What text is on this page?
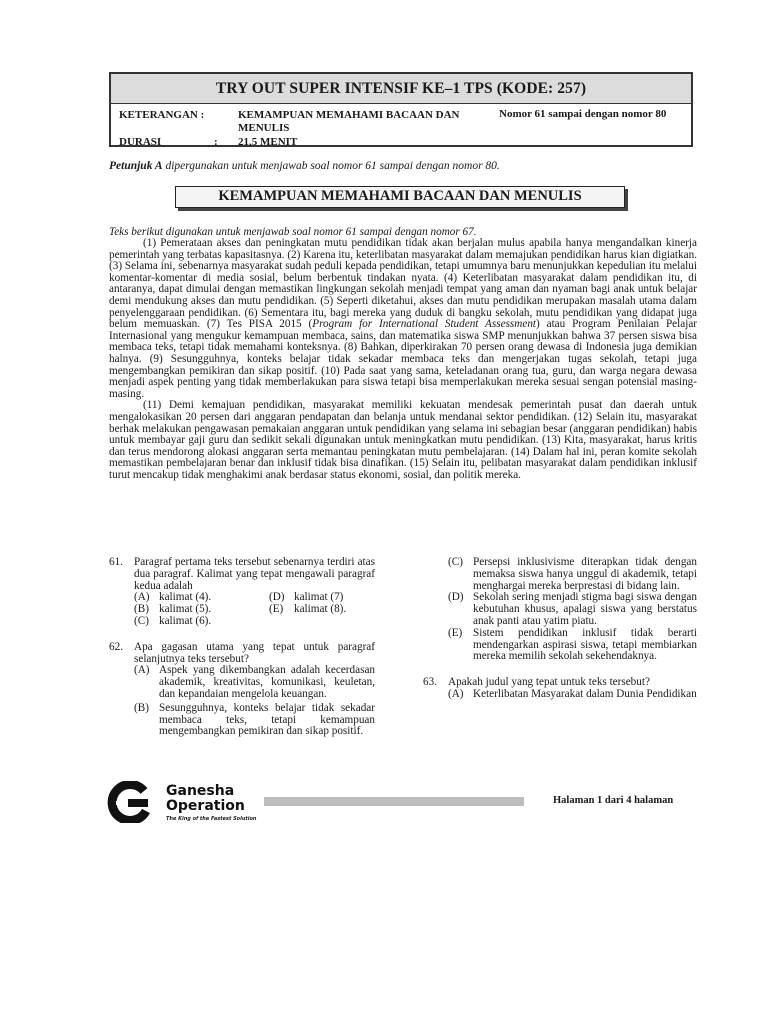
TRY OUT SUPER INTENSIF KE–1 TPS (KODE: 257)
KETERANGAN :	KEMAMPUAN MEMAHAMI BACAAN DAN MENULIS
DURASI	:	21,5 MENIT
Nomor 61 sampai dengan nomor 80
Petunjuk A dipergunakan untuk menjawab soal nomor 61 sampai dengan nomor 80.
KEMAMPUAN MEMAHAMI BACAAN DAN MENULIS
Teks berikut digunakan untuk menjawab soal nomor 61 sampai dengan nomor 67.

(1) Pemerataan akses dan peningkatan mutu pendidikan tidak akan berjalan mulus apabila hanya mengandalkan kinerja pemerintah yang terbatas kapasitasnya. (2) Karena itu, keterlibatan masyarakat dalam memajukan pendidikan harus kian digiatkan. (3) Selama ini, sebenarnya masyarakat sudah peduli kepada pendidikan, tetapi umumnya baru menunjukkan kepedulian itu melalui komentar-komentar di media sosial, belum berbentuk tindakan nyata. (4) Keterlibatan masyarakat dalam pendidikan itu, di antaranya, dapat dimulai dengan memastikan lingkungan sekolah menjadi tempat yang aman dan nyaman bagi anak untuk belajar demi mendukung akses dan mutu pendidikan. (5) Seperti diketahui, akses dan mutu pendidikan merupakan masalah utama dalam penyelenggaraan pendidikan. (6) Sementara itu, bagi mereka yang duduk di bangku sekolah, mutu pendidikan yang didapat juga belum memuaskan. (7) Tes PISA 2015 (Program for International Student Assessment) atau Program Penilaian Pelajar Internasional yang mengukur kemampuan membaca, sains, dan matematika siswa SMP menunjukkan bahwa 37 persen siswa bisa membaca teks, tetapi tidak memahami konteksnya. (8) Bahkan, diperkirakan 70 persen orang dewasa di Indonesia juga demikian halnya. (9) Sesungguhnya, konteks belajar tidak sekadar membaca teks dan mengerjakan tugas sekolah, tetapi juga mengembangkan pemikiran dan sikap positif. (10) Pada saat yang sama, keteladanan orang tua, guru, dan warga negara dewasa menjadi aspek penting yang tidak memberlakukan para siswa tetapi bisa memperlakukan mereka sesuai sengan potensial masing-masing.

(11) Demi kemajuan pendidikan, masyarakat memiliki kekuatan mendesak pemerintah pusat dan daerah untuk mengalokasikan 20 persen dari anggaran pendapatan dan belanja untuk mendanai sektor pendidikan. (12) Selain itu, masyarakat berhak melakukan pengawasan pemakaian anggaran untuk pendidikan yang selama ini sebagian besar (anggaran pendidikan) habis untuk membayar gaji guru dan sedikit sekali digunakan untuk meningkatkan mutu pendidikan. (13) Kita, masyarakat, harus kritis dan terus mendorong alokasi anggaran serta memantau peningkatan mutu pembelajaran. (14) Dalam hal ini, peran komite sekolah memastikan pembelajaran benar dan inklusif tidak bisa dinafikan. (15) Selain itu, pelibatan masyarakat dalam pendidikan inklusif turut mencakup tidak menghakimi anak berdasar status ekonomi, sosial, dan politik mereka.

61. Paragraf pertama teks tersebut sebenarnya terdiri atas dua paragraf. Kalimat yang tepat mengawali paragraf kedua adalah
(A) kalimat (4).	(D) kalimat (7)
(B) kalimat (5).	(E) kalimat (8).
(C) kalimat (6).
62. Apa gagasan utama yang tepat untuk paragraf selanjutnya teks tersebut?
(A) Aspek yang dikembangkan adalah kecerdasan akademik, kreativitas, komunikasi, keuletan, dan kepandaian mengelola keuangan.
(B) Sesungguhnya, konteks belajar tidak sekadar membaca teks, tetapi kemampuan mengembangkan pemikiran dan sikap positif.
(C) Persepsi inklusivisme diterapkan tidak dengan memaksa siswa hanya unggul di akademik, tetapi menghargai mereka berprestasi di bidang lain.
(D) Sekolah sering menjadi stigma bagi siswa dengan kebutuhan khusus, apalagi siswa yang berstatus anak panti atau yatim piatu.
(E) Sistem pendidikan inklusif tidak berarti mendengarkan aspirasi siswa, tetapi membiarkan mereka memilih sekolah sekehendaknya.
63. Apakah judul yang tepat untuk teks tersebut?
(A) Keterlibatan Masyarakat dalam Dunia Pendidikan
Ganesha
Operation
The King of the Fastest Solution
Halaman 1 dari 4 halaman
